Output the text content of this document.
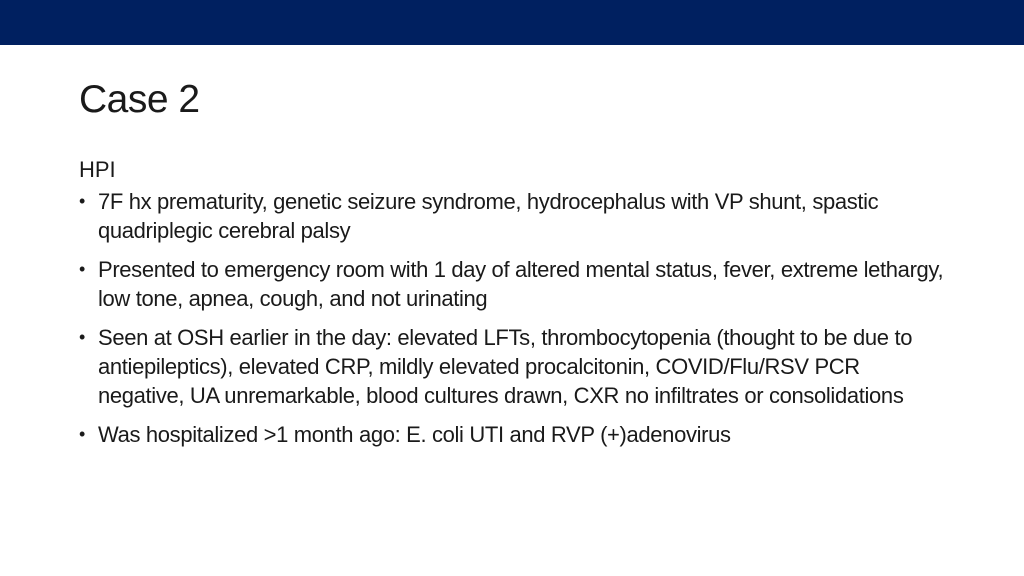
Case 2
HPI
• 7F hx prematurity, genetic seizure syndrome, hydrocephalus with VP shunt, spastic quadriplegic cerebral palsy
• Presented to emergency room with 1 day of altered mental status, fever, extreme lethargy, low tone, apnea, cough, and not urinating
• Seen at OSH earlier in the day: elevated LFTs, thrombocytopenia (thought to be due to antiepileptics), elevated CRP, mildly elevated procalcitonin, COVID/Flu/RSV PCR negative, UA unremarkable, blood cultures drawn, CXR no infiltrates or consolidations
• Was hospitalized >1 month ago: E. coli UTI and RVP (+)adenovirus
